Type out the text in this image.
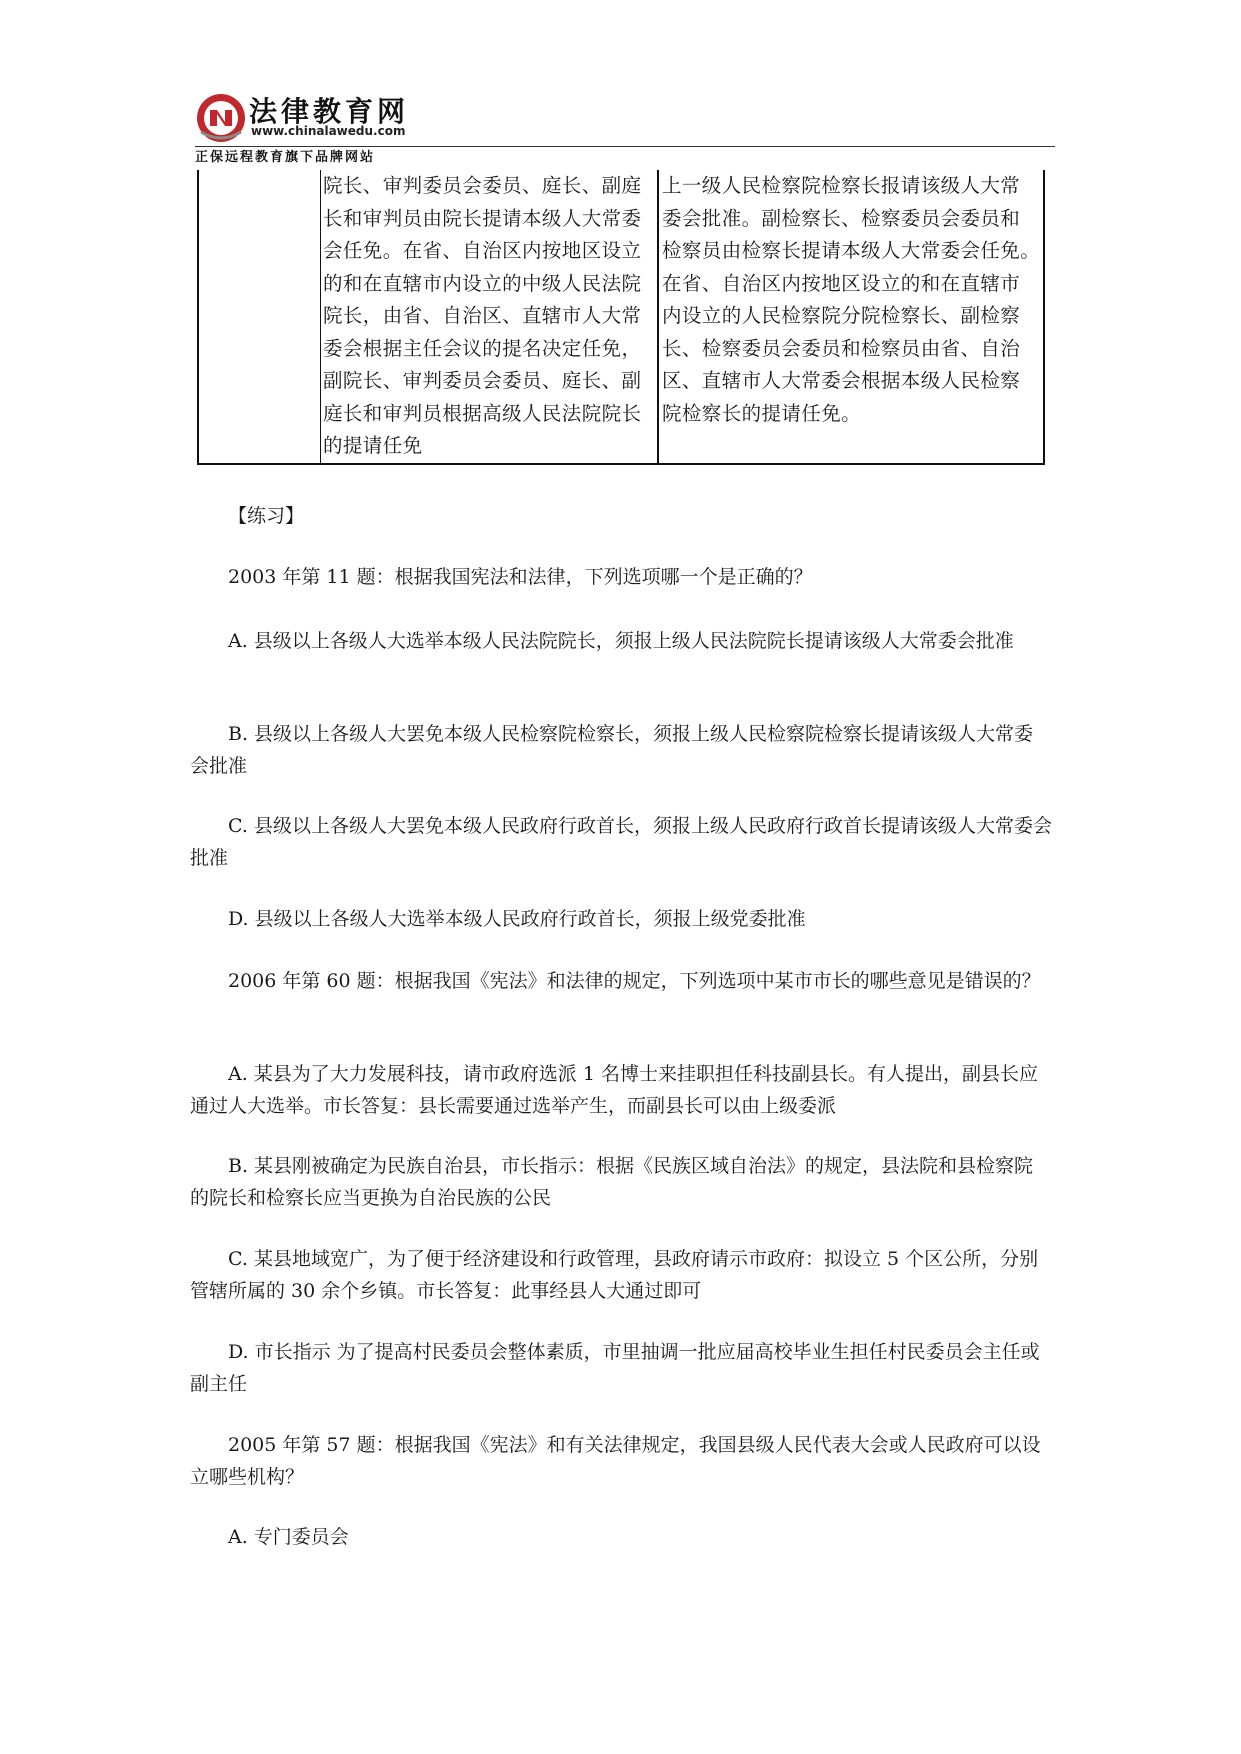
法律教育网
www.chinalawedu.com
正保远程教育旗下品牌网站

院长、审判委员会委员、庭长、副庭
长和审判员由院长提请本级人大常委
会任免。在省、自治区内按地区设立
的和在直辖市内设立的中级人民法院
院长，由省、自治区、直辖市人大常
委会根据主任会议的提名决定任免，
副院长、审判委员会委员、庭长、副
庭长和审判员根据高级人民法院院长
的提请任免

上一级人民检察院检察长报请该级人大常
委会批准。副检察长、检察委员会委员和
检察员由检察长提请本级人大常委会任免。
在省、自治区内按地区设立的和在直辖市
内设立的人民检察院分院检察长、副检察
长、检察委员会委员和检察员由省、自治
区、直辖市人大常委会根据本级人民检察
院检察长的提请任免。

【练习】

2003 年第 11 题：根据我国宪法和法律，下列选项哪一个是正确的？

A. 县级以上各级人大选举本级人民法院院长，须报上级人民法院院长提请该级人大常委会批准

B. 县级以上各级人大罢免本级人民检察院检察长，须报上级人民检察院检察长提请该级人大常委会批准

C. 县级以上各级人大罢免本级人民政府行政首长，须报上级人民政府行政首长提请该级人大常委会批准

D. 县级以上各级人大选举本级人民政府行政首长，须报上级党委批准

2006 年第 60 题：根据我国《宪法》和法律的规定，下列选项中某市市长的哪些意见是错误的？

A. 某县为了大力发展科技，请市政府选派 1 名博士来挂职担任科技副县长。有人提出，副县长应通过人大选举。市长答复：县长需要通过选举产生，而副县长可以由上级委派

B. 某县刚被确定为民族自治县，市长指示：根据《民族区域自治法》的规定，县法院和县检察院的院长和检察长应当更换为自治民族的公民

C. 某县地域宽广，为了便于经济建设和行政管理，县政府请示市政府：拟设立 5 个区公所，分别管辖所属的 30 余个乡镇。市长答复：此事经县人大通过即可

D. 市长指示 为了提高村民委员会整体素质，市里抽调一批应届高校毕业生担任村民委员会主任或副主任

2005 年第 57 题：根据我国《宪法》和有关法律规定，我国县级人民代表大会或人民政府可以设立哪些机构？

A. 专门委员会
